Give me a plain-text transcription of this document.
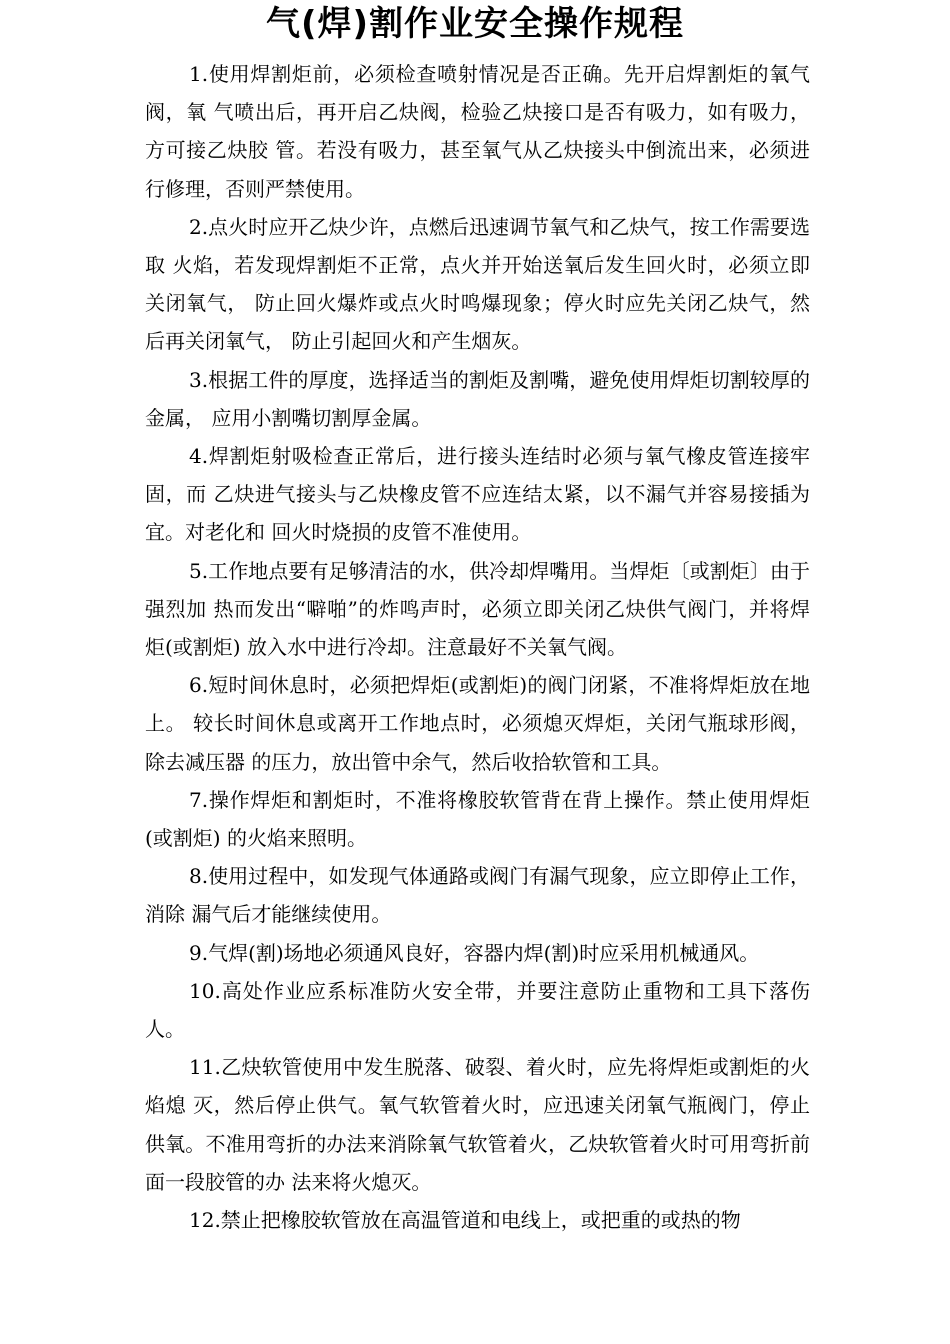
气(焊)割作业安全操作规程

1.使用焊割炬前，必须检查喷射情况是否正确。先开启焊割炬的氧气阀，氧 气喷出后，再开启乙炔阀，检验乙炔接口是否有吸力，如有吸力，方可接乙炔胶 管。若没有吸力，甚至氧气从乙炔接头中倒流出来，必须进行修理，否则严禁使用。

2.点火时应开乙炔少许，点燃后迅速调节氧气和乙炔气，按工作需要选取 火焰，若发现焊割炬不正常，点火并开始送氧后发生回火时，必须立即关闭氧气， 防止回火爆炸或点火时鸣爆现象；停火时应先关闭乙炔气，然后再关闭氧气， 防止引起回火和产生烟灰。

3.根据工件的厚度，选择适当的割炬及割嘴，避免使用焊炬切割较厚的金属， 应用小割嘴切割厚金属。

4.焊割炬射吸检查正常后，进行接头连结时必须与氧气橡皮管连接牢固，而 乙炔进气接头与乙炔橡皮管不应连结太紧，以不漏气并容易接插为宜。对老化和 回火时烧损的皮管不准使用。

5.工作地点要有足够清洁的水，供冷却焊嘴用。当焊炬〔或割炬〕由于强烈加 热而发出“噼啪”的炸鸣声时，必须立即关闭乙炔供气阀门，并将焊炬(或割炬) 放入水中进行冷却。注意最好不关氧气阀。

6.短时间休息时，必须把焊炬(或割炬)的阀门闭紧，不准将焊炬放在地上。 较长时间休息或离开工作地点时，必须熄灭焊炬，关闭气瓶球形阀，除去减压器 的压力，放出管中余气，然后收拾软管和工具。

7.操作焊炬和割炬时，不准将橡胶软管背在背上操作。禁止使用焊炬(或割炬) 的火焰来照明。

8.使用过程中，如发现气体通路或阀门有漏气现象，应立即停止工作，消除 漏气后才能继续使用。

9.气焊(割)场地必须通风良好，容器内焊(割)时应采用机械通风。

10.高处作业应系标准防火安全带，并要注意防止重物和工具下落伤人。

11.乙炔软管使用中发生脱落、破裂、着火时，应先将焊炬或割炬的火焰熄 灭，然后停止供气。氧气软管着火时，应迅速关闭氧气瓶阀门，停止供氧。不准用弯折的办法来消除氧气软管着火，乙炔软管着火时可用弯折前面一段胶管的办 法来将火熄灭。

12.禁止把橡胶软管放在高温管道和电线上，或把重的或热的物
